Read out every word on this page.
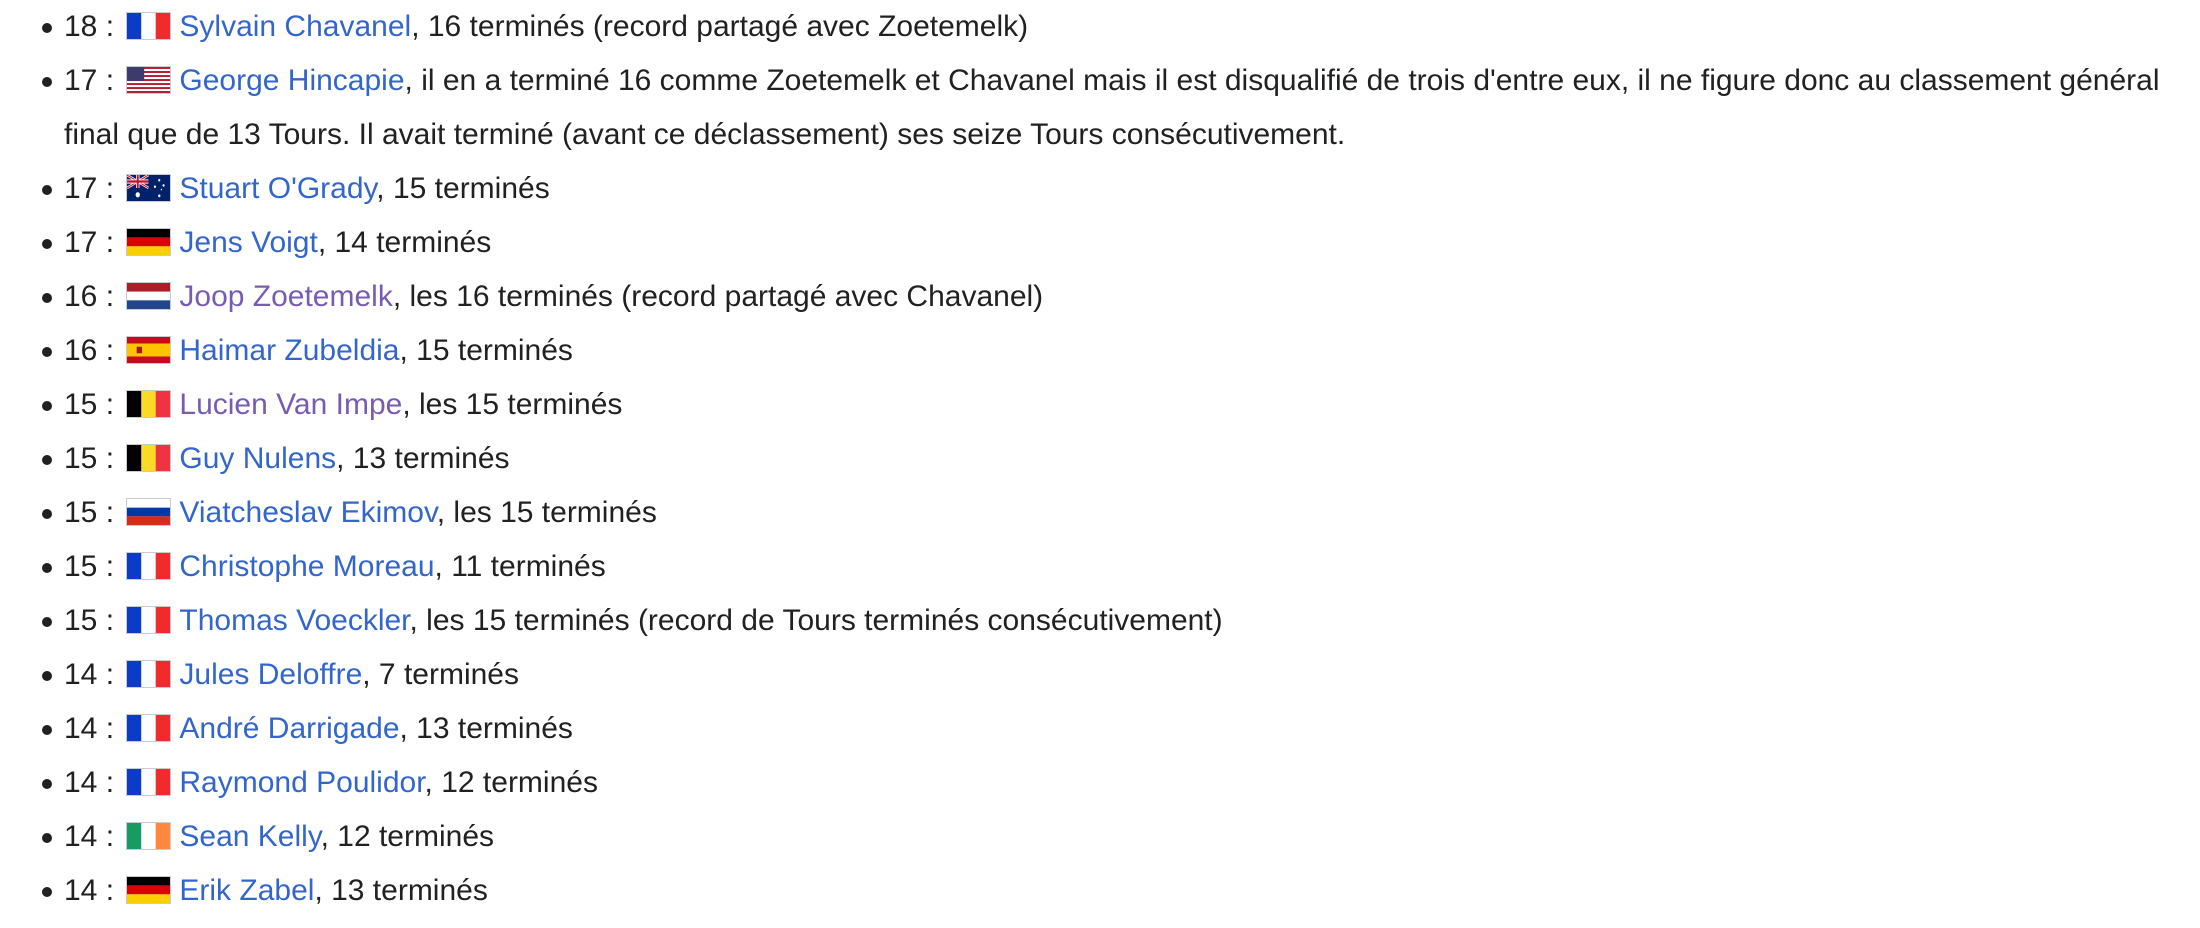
18 : Sylvain Chavanel, 16 terminés (record partagé avec Zoetemelk)
17 : George Hincapie, il en a terminé 16 comme Zoetemelk et Chavanel mais il est disqualifié de trois d'entre eux, il ne figure donc au classement général final que de 13 Tours. Il avait terminé (avant ce déclassement) ses seize Tours consécutivement.
17 : Stuart O'Grady, 15 terminés
17 : Jens Voigt, 14 terminés
16 : Joop Zoetemelk, les 16 terminés (record partagé avec Chavanel)
16 : Haimar Zubeldia, 15 terminés
15 : Lucien Van Impe, les 15 terminés
15 : Guy Nulens, 13 terminés
15 : Viatcheslav Ekimov, les 15 terminés
15 : Christophe Moreau, 11 terminés
15 : Thomas Voeckler, les 15 terminés (record de Tours terminés consécutivement)
14 : Jules Deloffre, 7 terminés
14 : André Darrigade, 13 terminés
14 : Raymond Poulidor, 12 terminés
14 : Sean Kelly, 12 terminés
14 : Erik Zabel, 13 terminés
